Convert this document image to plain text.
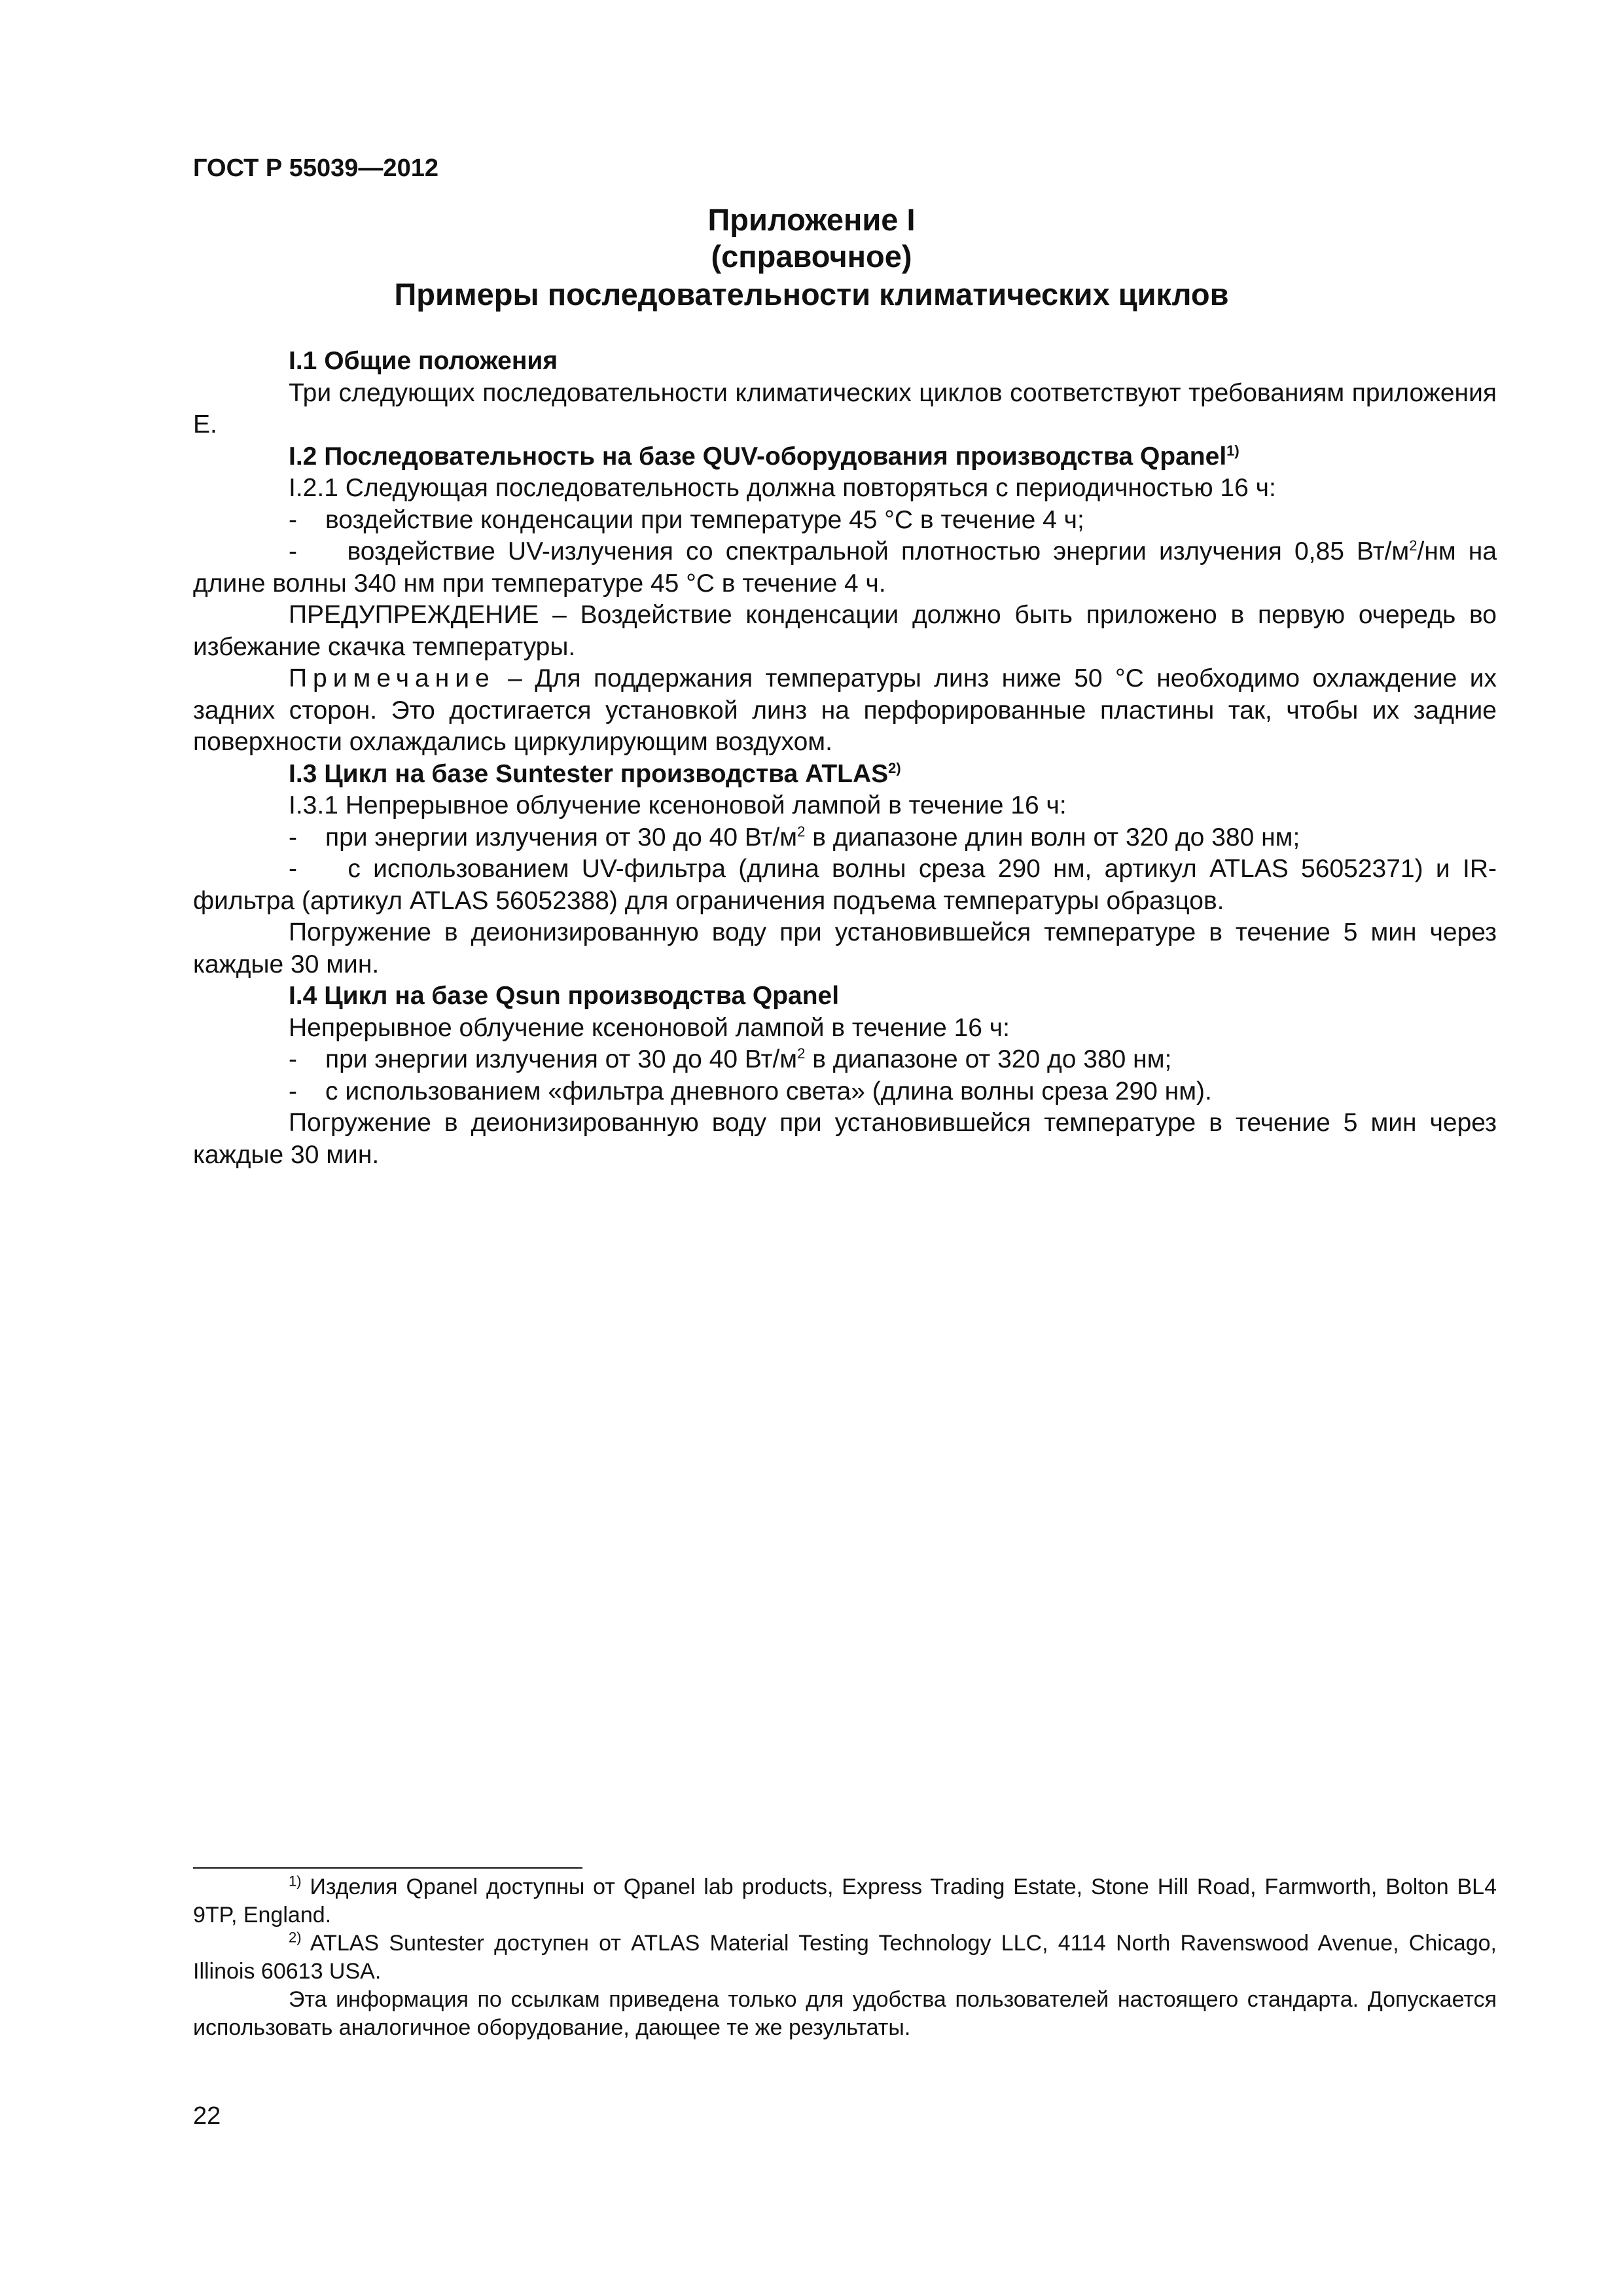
ГОСТ Р 55039—2012
Приложение I
(справочное)
Примеры последовательности климатических циклов

I.1 Общие положения

Три следующих последовательности климатических циклов соответствуют требованиям приложения Е.

I.2 Последовательность на базе QUV-оборудования производства Qpanel$^{1)}$

I.2.1 Следующая последовательность должна повторяться с периодичностью 16 ч:

-	воздействие конденсации при температуре 45 °С в течение 4 ч;

- воздействие UV-излучения со спектральной плотностью энергии излучения 0,85 $Вт/м^2/нм$ на длине волны 340 нм при температуре 45 °С в течение 4 ч.

ПРЕДУПРЕЖДЕНИЕ – Воздействие конденсации должно быть приложено в первую очередь во избежание скачка температуры.

Примечание – Для поддержания температуры линз ниже 50 °С необходимо охлаждение их задних сторон. Это достигается установкой линз на перфорированные пластины так, чтобы их задние поверхности охлаждались циркулирующим воздухом.

I.3 Цикл на базе Suntester производства ATLAS$^{2)}$

I.3.1 Непрерывное облучение ксеноновой лампой в течение 16 ч:

-	при энергии излучения от 30 до 40 $Вт/м^2$ в диапазоне длин волн от 320 до 380 нм;

- с использованием UV-фильтра (длина волны среза 290 нм, артикул ATLAS 56052371) и IR-фильтра (артикул ATLAS 56052388) для ограничения подъема температуры образцов.

Погружение в деионизированную воду при установившейся температуре в течение 5 мин через каждые 30 мин.

I.4 Цикл на базе Qsun производства Qpanel

Непрерывное облучение ксеноновой лампой в течение 16 ч:

-	при энергии излучения от 30 до 40 $Вт/м^2$ в диапазоне от 320 до 380 нм;
-	с использованием «фильтра дневного света» (длина волны среза 290 нм).

Погружение в деионизированную воду при установившейся температуре в течение 5 мин через каждые 30 мин.

$^{1)}$ Изделия Qpanel доступны от Qpanel lab products, Express Trading Estate, Stone Hill Road, Farmworth, Bolton BL4 9TP, England.

$^{2)}$ ATLAS Suntester доступен от ATLAS Material Testing Technology LLC, 4114 North Ravenswood Avenue, Chicago, Illinois 60613 USA.

Эта информация по ссылкам приведена только для удобства пользователей настоящего стандарта. Допускается использовать аналогичное оборудование, дающее те же результаты.

22
